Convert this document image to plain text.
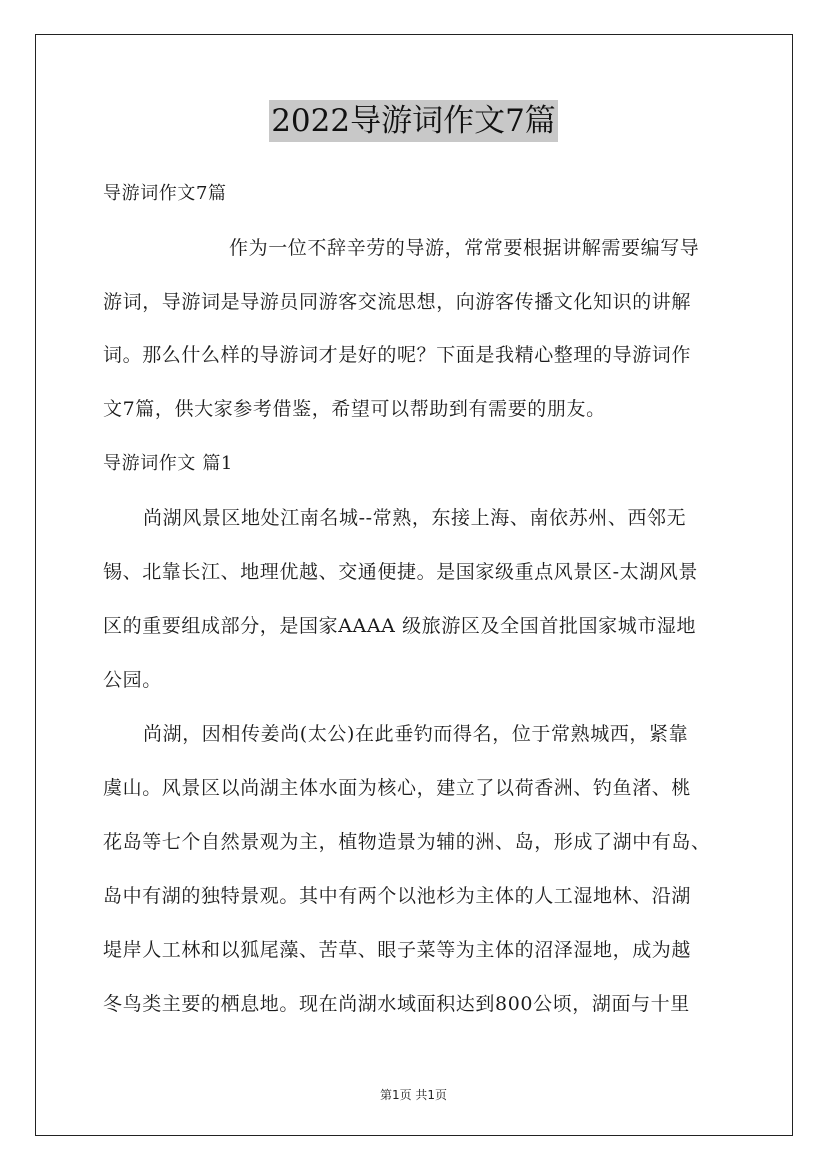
2022导游词作文7篇
导游词作文7篇
作为一位不辞辛劳的导游，常常要根据讲解需要编写导
游词，导游词是导游员同游客交流思想，向游客传播文化知识的讲解
词。那么什么样的导游词才是好的呢？下面是我精心整理的导游词作
文7篇，供大家参考借鉴，希望可以帮助到有需要的朋友。
导游词作文 篇1
尚湖风景区地处江南名城--常熟，东接上海、南依苏州、西邻无
锡、北靠长江、地理优越、交通便捷。是国家级重点风景区-太湖风景
区的重要组成部分，是国家AAAA 级旅游区及全国首批国家城市湿地
公园。
尚湖，因相传姜尚(太公)在此垂钓而得名，位于常熟城西，紧靠
虞山。风景区以尚湖主体水面为核心，建立了以荷香洲、钓鱼渚、桃
花岛等七个自然景观为主，植物造景为辅的洲、岛，形成了湖中有岛、
岛中有湖的独特景观。其中有两个以池杉为主体的人工湿地林、沿湖
堤岸人工林和以狐尾藻、苦草、眼子菜等为主体的沼泽湿地，成为越
冬鸟类主要的栖息地。现在尚湖水域面积达到800公顷，湖面与十里
第1页 共1页
